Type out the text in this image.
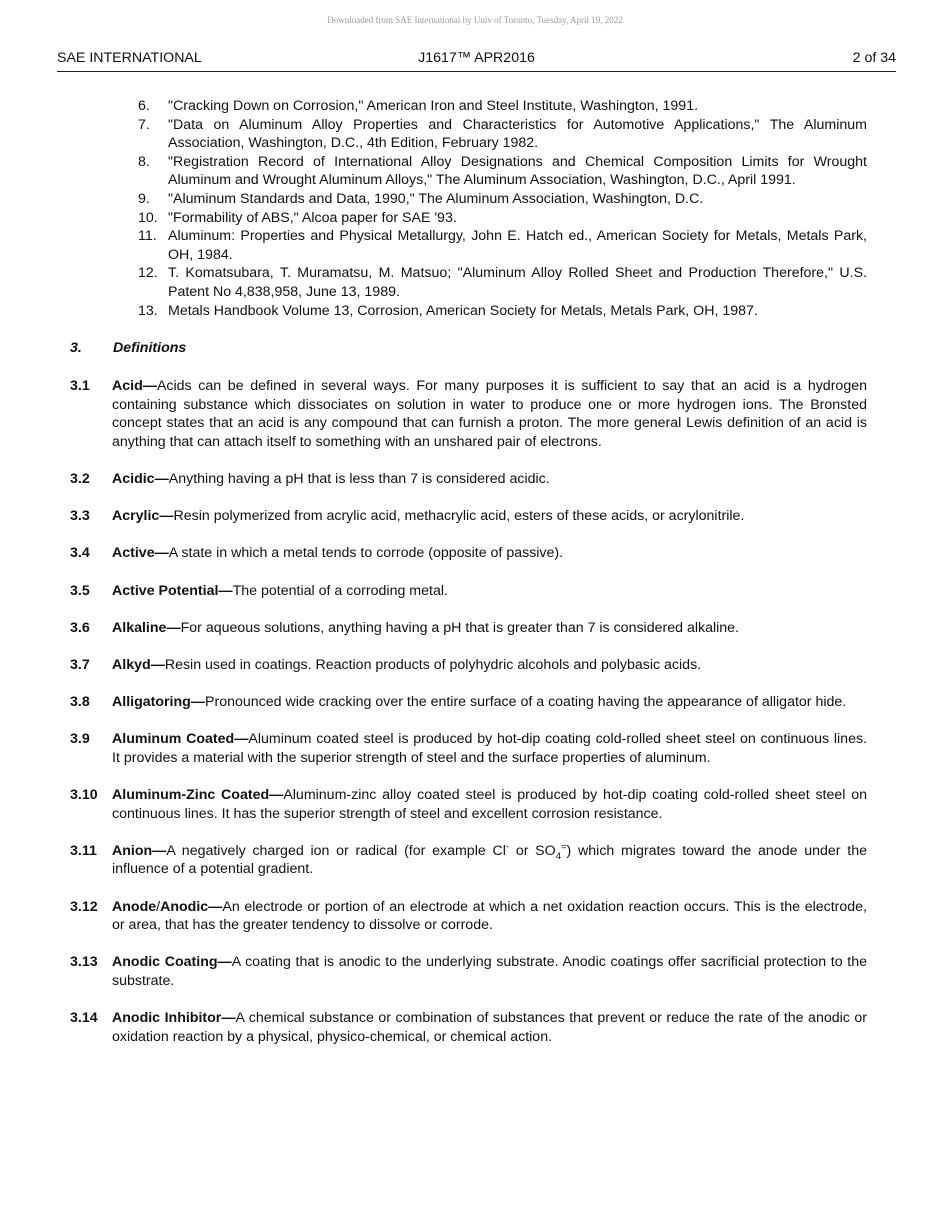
Downloaded from SAE International by Univ of Toronto, Tuesday, April 19, 2022
SAE INTERNATIONAL	J1617™ APR2016	2 of 34
6.	"Cracking Down on Corrosion," American Iron and Steel Institute, Washington, 1991.
7.	"Data on Aluminum Alloy Properties and Characteristics for Automotive Applications," The Aluminum Association, Washington, D.C., 4th Edition, February 1982.
8.	"Registration Record of International Alloy Designations and Chemical Composition Limits for Wrought Aluminum and Wrought Aluminum Alloys," The Aluminum Association, Washington, D.C., April 1991.
9.	"Aluminum Standards and Data, 1990," The Aluminum Association, Washington, D.C.
10. "Formability of ABS," Alcoa paper for SAE '93.
11. Aluminum: Properties and Physical Metallurgy, John E. Hatch ed., American Society for Metals, Metals Park, OH, 1984.
12. T. Komatsubara, T. Muramatsu, M. Matsuo; "Aluminum Alloy Rolled Sheet and Production Therefore," U.S. Patent No 4,838,958, June 13, 1989.
13. Metals Handbook Volume 13, Corrosion, American Society for Metals, Metals Park, OH, 1987.
3. Definitions
3.1	Acid—Acids can be defined in several ways. For many purposes it is sufficient to say that an acid is a hydrogen containing substance which dissociates on solution in water to produce one or more hydrogen ions. The Bronsted concept states that an acid is any compound that can furnish a proton. The more general Lewis definition of an acid is anything that can attach itself to something with an unshared pair of electrons.
3.2	Acidic—Anything having a pH that is less than 7 is considered acidic.
3.3	Acrylic—Resin polymerized from acrylic acid, methacrylic acid, esters of these acids, or acrylonitrile.
3.4	Active—A state in which a metal tends to corrode (opposite of passive).
3.5	Active Potential—The potential of a corroding metal.
3.6	Alkaline—For aqueous solutions, anything having a pH that is greater than 7 is considered alkaline.
3.7	Alkyd—Resin used in coatings. Reaction products of polyhydric alcohols and polybasic acids.
3.8	Alligatoring—Pronounced wide cracking over the entire surface of a coating having the appearance of alligator hide.
3.9	Aluminum Coated—Aluminum coated steel is produced by hot-dip coating cold-rolled sheet steel on continuous lines. It provides a material with the superior strength of steel and the surface properties of aluminum.
3.10	Aluminum-Zinc Coated—Aluminum-zinc alloy coated steel is produced by hot-dip coating cold-rolled sheet steel on continuous lines. It has the superior strength of steel and excellent corrosion resistance.
3.11	Anion—A negatively charged ion or radical (for example Cl- or $SO_4^=$) which migrates toward the anode under the influence of a potential gradient.
3.12	Anode/Anodic—An electrode or portion of an electrode at which a net oxidation reaction occurs. This is the electrode, or area, that has the greater tendency to dissolve or corrode.
3.13	Anodic Coating—A coating that is anodic to the underlying substrate. Anodic coatings offer sacrificial protection to the substrate.
3.14	Anodic Inhibitor—A chemical substance or combination of substances that prevent or reduce the rate of the anodic or oxidation reaction by a physical, physico-chemical, or chemical action.
